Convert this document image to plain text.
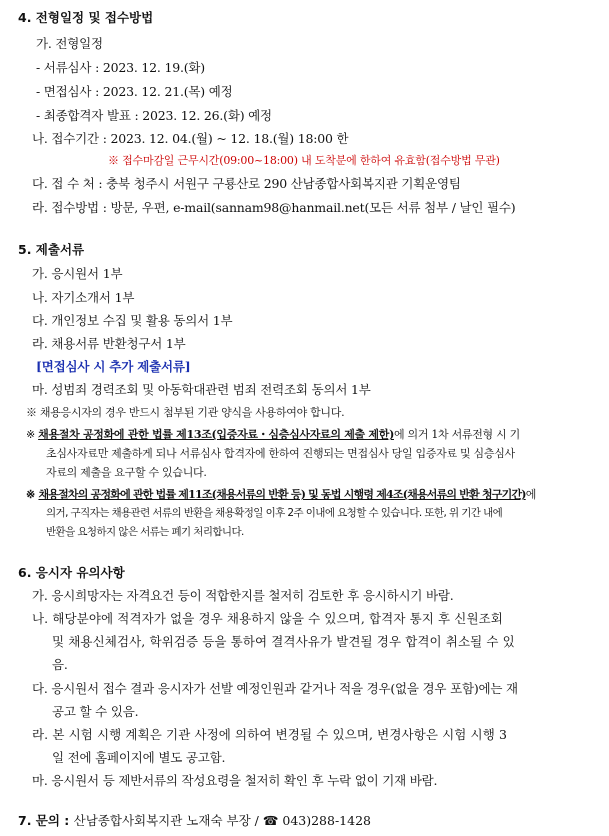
4. 전형일정 및 접수방법
가. 전형일정
- 서류심사 : 2023. 12. 19.(화)
- 면접심사 : 2023. 12. 21.(목) 예정
- 최종합격자 발표 : 2023. 12. 26.(화) 예정
나. 접수기간 : 2023. 12. 04.(월) ~ 12. 18.(월) 18:00 한
※ 접수마감일 근무시간(09:00~18:00) 내 도착분에 한하여 유효함(접수방법 무관)
다. 접 수 처 : 충북 청주시 서원구 구룡산로 290 산남종합사회복지관 기획운영팀
라. 접수방법 : 방문, 우편, e-mail(sannam98@hanmail.net(모든 서류 첨부 / 날인 필수)
5. 제출서류
가. 응시원서 1부
나. 자기소개서 1부
다. 개인정보 수집 및 활용 동의서 1부
라. 채용서류 반환청구서 1부
[면접심사 시 추가 제출서류]
마. 성범죄 경력조회 및 아동학대관련 범죄 전력조회 동의서 1부
※ 채용응시자의 경우 반드시 첨부된 기관 양식을 사용하여야 합니다.
※ 채용절차 공정화에 관한 법률 제13조(입증자료・심층심사자료의 제출 제한)에 의거 1차 서류전형 시 기
초심사자료만 제출하게 되나 서류심사 합격자에 한하여 진행되는 면접심사 당일 입증자료 및 심층심사
자료의 제출을 요구할 수 있습니다.
※ 채용절차의 공정화에 관한 법률 제11조(채용서류의 반환 등) 및 동법 시행령 제4조(채용서류의 반환 청구기간)에
의거, 구직자는 채용관련 서류의 반환을 채용확정일 이후 2주 이내에 요청할 수 있습니다. 또한, 위 기간 내에
반환을 요청하지 않은 서류는 폐기 처리합니다.
6. 응시자 유의사항
가. 응시희망자는 자격요건 등이 적합한지를 철저히 검토한 후 응시하시기 바람.
나. 해당분야에 적격자가 없을 경우 채용하지 않을 수 있으며, 합격자 통지 후 신원조회
및 채용신체검사, 학위검증 등을 통하여 결격사유가 발견될 경우 합격이 취소될 수 있
음.
다. 응시원서 접수 결과 응시자가 선발 예정인원과 같거나 적을 경우(없을 경우 포함)에는 재
공고 할 수 있음.
라. 본 시험 시행 계획은 기관 사정에 의하여 변경될 수 있으며, 변경사항은 시험 시행 3
일 전에 홈페이지에 별도 공고함.
마. 응시원서 등 제반서류의 작성요령을 철저히 확인 후 누락 없이 기재 바람.
7. 문의 : 산남종합사회복지관 노재숙 부장 / ☎ 043)288-1428
